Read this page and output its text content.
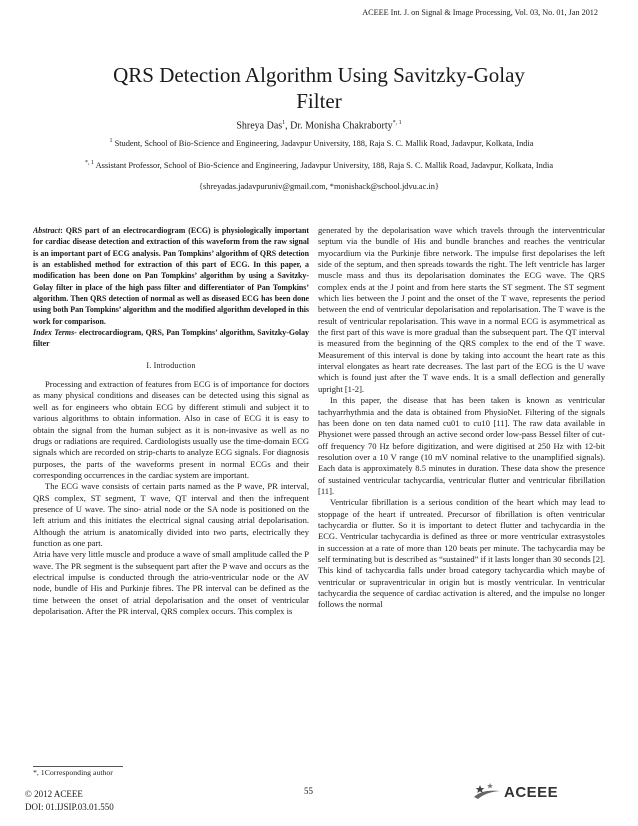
ACEEE Int. J. on Signal & Image Processing, Vol. 03, No. 01, Jan 2012
QRS Detection Algorithm Using Savitzky-Golay
Filter
Shreya Das$^1$, Dr. Monisha Chakraborty$^{*, 1}$
$^1$ Student, School of Bio-Science and Engineering, Jadavpur University, 188, Raja S. C. Mallik Road, Jadavpur, Kolkata, India
$^{*, 1}$ Assistant Professor, School of Bio-Science and Engineering, Jadavpur University, 188, Raja S. C. Mallik Road, Jadavpur, Kolkata, India
{shreyadas.jadavpuruniv@gmail.com, *monishack@school.jdvu.ac.in}

Abstract: QRS part of an electrocardiogram (ECG) is physiologically important for cardiac disease detection and extraction of this waveform from the raw signal is an important part of ECG analysis. Pan Tompkins’ algorithm of QRS detection is an established method for extraction of this part of ECG. In this paper, a modification has been done on Pan Tompkins’ algorithm by using a Savitzky-Golay filter in place of the high pass filter and differentiator of Pan Tompkins’ algorithm. Then QRS detection of normal as well as diseased ECG has been done using both Pan Tompkins’ algorithm and the modified algorithm developed in this work for comparison.

Index Terms- electrocardiogram, QRS, Pan Tompkins’ algorithm, Savitzky-Golay filter

I. Introduction

Processing and extraction of features from ECG is of importance for doctors as many physical conditions and diseases can be detected using this signal as well as for engineers who obtain ECG by different stimuli and subject it to various algorithms to obtain information. Also in case of ECG it is easy to obtain the signal from the human subject as it is non-invasive as well as no drugs or radiations are required. Cardiologists usually use the time-domain ECG signals which are recorded on strip-charts to analyze ECG signals. For diagnosis purposes, the parts of the waveforms present in normal ECGs and their corresponding occurrences in the cardiac system are important.

The ECG wave consists of certain parts named as the P wave, PR interval, QRS complex, ST segment, T wave, QT interval and then the infrequent presence of U wave. The sino- atrial node or the SA node is positioned on the left atrium and this initiates the electrical signal causing atrial depolarisation. Although the atrium is anatomically divided into two parts, electrically they function as one part.

Atria have very little muscle and produce a wave of small amplitude called the P wave. The PR segment is the subsequent part after the P wave and occurs as the electrical impulse is conducted through the atrio-ventricular node or the AV node, bundle of His and Purkinje fibres. The PR interval can be defined as the time between the onset of atrial depolarisation and the onset of ventricular depolarisation. After the PR interval, QRS complex occurs. This complex is

generated by the depolarisation wave which travels through the interventricular septum via the bundle of His and bundle branches and reaches the ventricular myocardium via the Purkinje fibre network. The impulse first depolarises the left side of the septum, and then spreads towards the right. The left ventricle has larger muscle mass and thus its depolarisation dominates the ECG wave. The QRS complex ends at the J point and from here starts the ST segment. The ST segment which lies between the J point and the onset of the T wave, represents the period between the end of ventricular depolarisation and repolarisation. The T wave is the result of ventricular repolarisation. This wave in a normal ECG is asymmetrical as the first part of this wave is more gradual than the subsequent part. The QT interval is measured from the beginning of the QRS complex to the end of the T wave. Measurement of this interval is done by taking into account the heart rate as this interval elongates as heart rate decreases. The last part of the ECG is the U wave which is found just after the T wave ends. It is a small deflection and generally upright [1-2].

In this paper, the disease that has been taken is known as ventricular tachyarrhythmia and the data is obtained from PhysioNet. Filtering of the signals has been done on ten data named cu01 to cu10 [11]. The raw data available in Physionet were passed through an active second order low-pass Bessel filter of cut-off frequency 70 Hz before digitization, and were digitised at 250 Hz with 12-bit resolution over a 10 V range (10 mV nominal relative to the unamplified signals). Each data is approximately 8.5 minutes in duration. These data show the presence of sustained ventricular tachycardia, ventricular flutter and ventricular fibrillation [11].

Ventricular fibrillation is a serious condition of the heart which may lead to stoppage of the heart if untreated. Precursor of fibrillation is often ventricular tachycardia or flutter. So it is important to detect flutter and tachycardia in the ECG. Ventricular tachycardia is defined as three or more ventricular extrasystoles in succession at a rate of more than 120 beats per minute. The tachycardia may be self terminating but is described as “sustained” if it lasts longer than 30 seconds [2]. This kind of tachycardia falls under broad category tachycardia which maybe of ventricular or supraventricular in origin but is mostly ventricular. In ventricular tachycardia the sequence of cardiac activation is altered, and the impulse no longer follows the normal

*, 1Corresponding author
© 2012 ACEEE
DOI: 01.IJSIP.03.01.550
55	ACEEE
